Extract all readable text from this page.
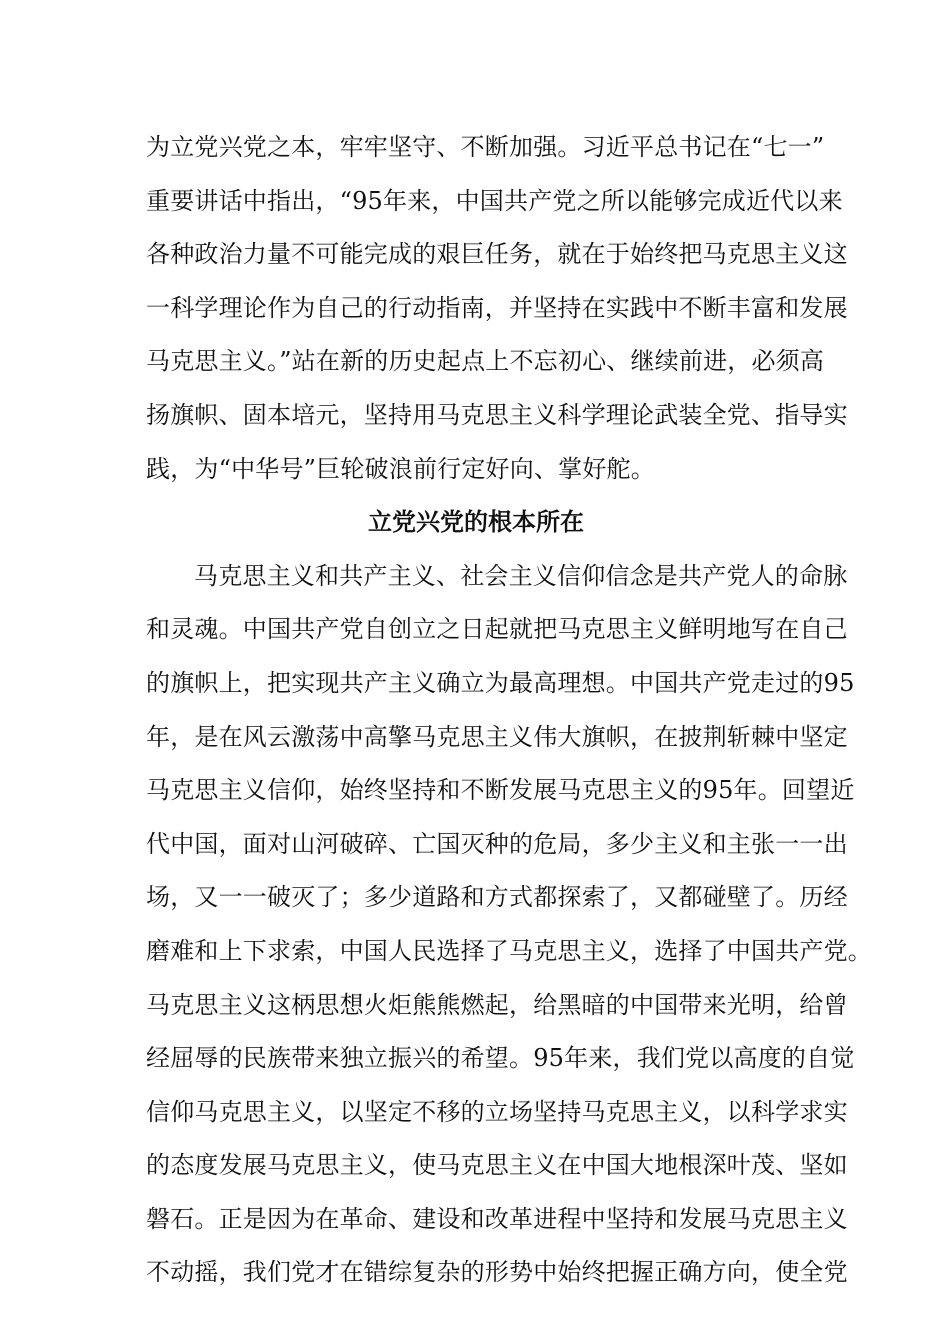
为立党兴党之本，牢牢坚守、不断加强。习近平总书记在“七一”
重要讲话中指出，“95年来，中国共产党之所以能够完成近代以来
各种政治力量不可能完成的艰巨任务，就在于始终把马克思主义这
一科学理论作为自己的行动指南，并坚持在实践中不断丰富和发展
马克思主义。”站在新的历史起点上不忘初心、继续前进，必须高
扬旗帜、固本培元，坚持用马克思主义科学理论武装全党、指导实
践，为“中华号”巨轮破浪前行定好向、掌好舵。
立党兴党的根本所在
马克思主义和共产主义、社会主义信仰信念是共产党人的命脉
和灵魂。中国共产党自创立之日起就把马克思主义鲜明地写在自己
的旗帜上，把实现共产主义确立为最高理想。中国共产党走过的95
年，是在风云激荡中高擎马克思主义伟大旗帜，在披荆斩棘中坚定
马克思主义信仰，始终坚持和不断发展马克思主义的95年。回望近
代中国，面对山河破碎、亡国灭种的危局，多少主义和主张一一出
场，又一一破灭了；多少道路和方式都探索了，又都碰壁了。历经
磨难和上下求索，中国人民选择了马克思主义，选择了中国共产党。
马克思主义这柄思想火炬熊熊燃起，给黑暗的中国带来光明，给曾
经屈辱的民族带来独立振兴的希望。95年来，我们党以高度的自觉
信仰马克思主义，以坚定不移的立场坚持马克思主义，以科学求实
的态度发展马克思主义，使马克思主义在中国大地根深叶茂、坚如
磐石。正是因为在革命、建设和改革进程中坚持和发展马克思主义
不动摇，我们党才在错综复杂的形势中始终把握正确方向，使全党
